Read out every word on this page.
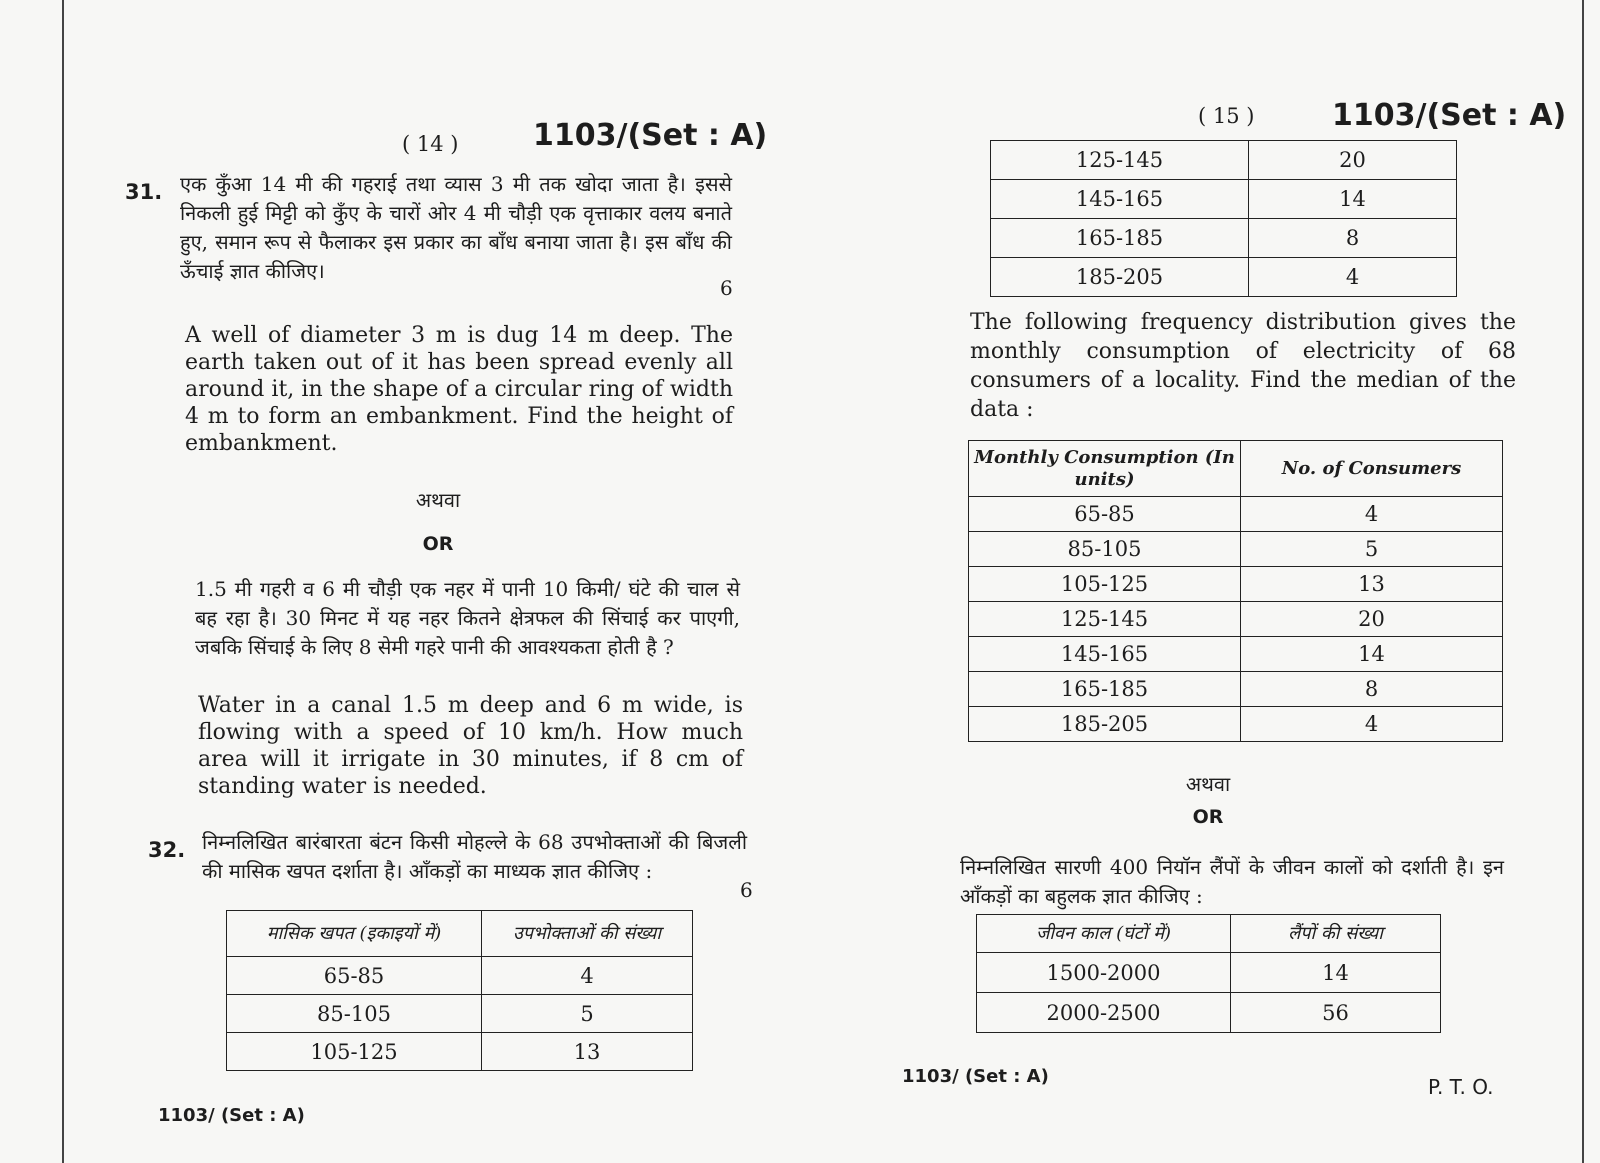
( 14 ) 1103/(Set : A)
31. एक कुँआ 14 मी की गहराई तथा व्यास 3 मी तक खोदा जाता है। इससे निकली हुई मिट्टी को कुँए के चारों ओर 4 मी चौड़ी एक वृत्ताकार वलय बनाते हुए, समान रूप से फैलाकर इस प्रकार का बाँध बनाया जाता है। इस बाँध की ऊँचाई ज्ञात कीजिए।

6

A well of diameter 3 m is dug 14 m deep. The earth taken out of it has been spread evenly all around it, in the shape of a circular ring of width 4 m to form an embankment. Find the height of embankment.

अथवा
OR

1.5 मी गहरी व 6 मी चौड़ी एक नहर में पानी 10 किमी/ घंटे की चाल से बह रहा है। 30 मिनट में यह नहर कितने क्षेत्रफल की सिंचाई कर पाएगी, जबकि सिंचाई के लिए 8 सेमी गहरे पानी की आवश्यकता होती है ?

Water in a canal 1.5 m deep and 6 m wide, is flowing with a speed of 10 km/h. How much area will it irrigate in 30 minutes, if 8 cm of standing water is needed.

32. निम्नलिखित बारंबारता बंटन किसी मोहल्ले के 68 उपभोक्ताओं की बिजली की मासिक खपत दर्शाता है। आँकड़ों का माध्यक ज्ञात कीजिए :

6
मासिक खपत (इकाइयों में)	उपभोक्ताओं की संख्या
65-85	4
85-105	5
105-125	13
1103/ (Set : A)
( 15 )	1103/(Set : A)
125-145	20
145-165	14
165-185	8
185-205	4

The following frequency distribution gives the monthly consumption of electricity of 68 consumers of a locality. Find the median of the data :

Monthly Consumption (In units)	No. of Consumers
65-85	4
85-105	5
105-125	13
125-145	20
145-165	14
165-185	8
185-205	4
अथवा
OR

निम्नलिखित सारणी 400 नियॉन लैंपों के जीवन कालों को दर्शाती है। इन आँकड़ों का बहुलक ज्ञात कीजिए :

जीवन काल (घंटों में)	लैंपों की संख्या
1500-2000	14
2000-2500	56
1103/ (Set : A)	P. T. O.
